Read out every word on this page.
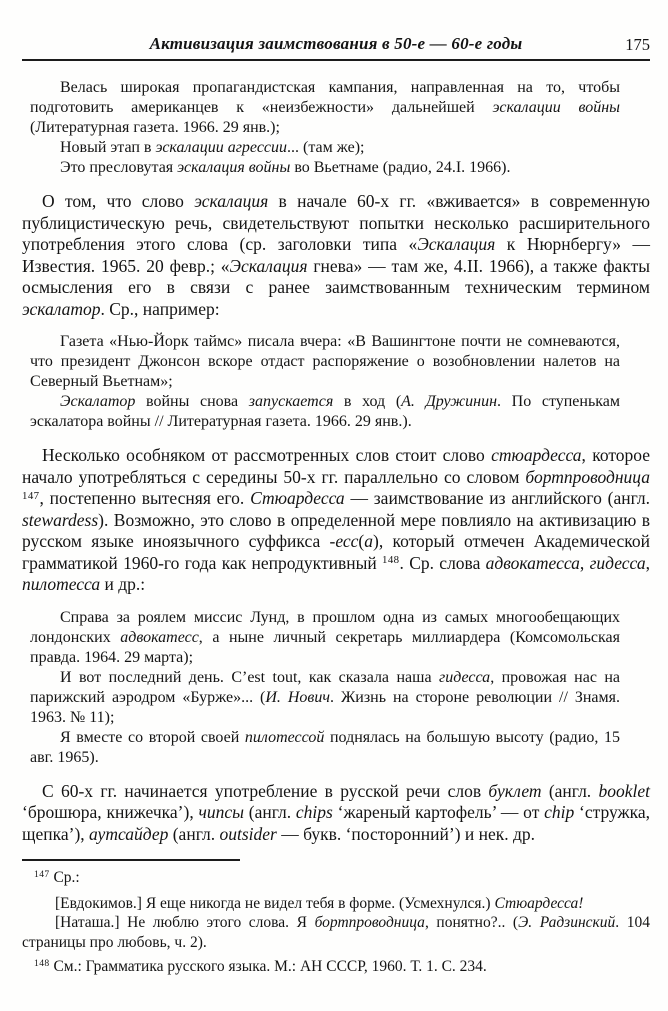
Активизация заимствования в 50-е — 60-е годы	175

Велась широкая пропагандистская кампания, направленная на то, чтобы подготовить американцев к «неизбежности» дальнейшей эскалации войны (Литературная газета. 1966. 29 янв.);

Новый этап в эскалации агрессии... (там же);

Это пресловутая эскалация войны во Вьетнаме (радио, 24.I. 1966).

О том, что слово эскалация в начале 60-х гг. «вживается» в современную публицистическую речь, свидетельствуют попытки несколько расширительного употребления этого слова (ср. заголовки типа «Эскалация к Нюрнбергу» — Известия. 1965. 20 февр.; «Эскалация гнева» — там же, 4.II. 1966), а также факты осмысления его в связи с ранее заимствованным техническим термином эскалатор. Ср., например:

Газета «Нью-Йорк таймс» писала вчера: «В Вашингтоне почти не сомневаются, что президент Джонсон вскоре отдаст распоряжение о возобновлении налетов на Северный Вьетнам»;

Эскалатор войны снова запускается в ход (А. Дружинин. По ступенькам эскалатора войны // Литературная газета. 1966. 29 янв.).

Несколько особняком от рассмотренных слов стоит слово стюардесса, которое начало употребляться с середины 50-х гг. параллельно со словом бортпроводница $^{147}$, постепенно вытесняя его. Стюардесса — заимствование из английского (англ. stewardess). Возможно, это слово в определенной мере повлияло на активизацию в русском языке иноязычного суффикса -есс(а), который отмечен Академической грамматикой 1960-го года как непродуктивный $^{148}$. Ср. слова адвокатесса, гидесса, пилотесса и др.:

Справа за роялем миссис Лунд, в прошлом одна из самых многообещающих лондонских адвокатесс, а ныне личный секретарь миллиардера (Комсомольская правда. 1964. 29 марта);

И вот последний день. C’est tout, как сказала наша гидесса, провожая нас на парижский аэродром «Бурже»... (И. Нович. Жизнь на стороне революции // Знамя. 1963. № 11);

Я вместе со второй своей пилотессой поднялась на большую высоту (радио, 15 авг. 1965).

С 60-х гг. начинается употребление в русской речи слов буклет (англ. booklet ‘брошюра, книжечка’), чипсы (англ. chips ‘жареный картофель’ — от chip ‘стружка, щепка’), аутсайдер (англ. outsider — букв. ‘посторонний’) и нек. др.

$^{147}$ Ср.:

[Евдокимов.] Я еще никогда не видел тебя в форме. (Усмехнулся.) Стюардесса!

[Наташа.] Не люблю этого слова. Я бортпроводница, понятно?.. (Э. Радзинский. 104 страницы про любовь, ч. 2).

$^{148}$ См.: Грамматика русского языка. М.: АН СССР, 1960. Т. 1. С. 234.
